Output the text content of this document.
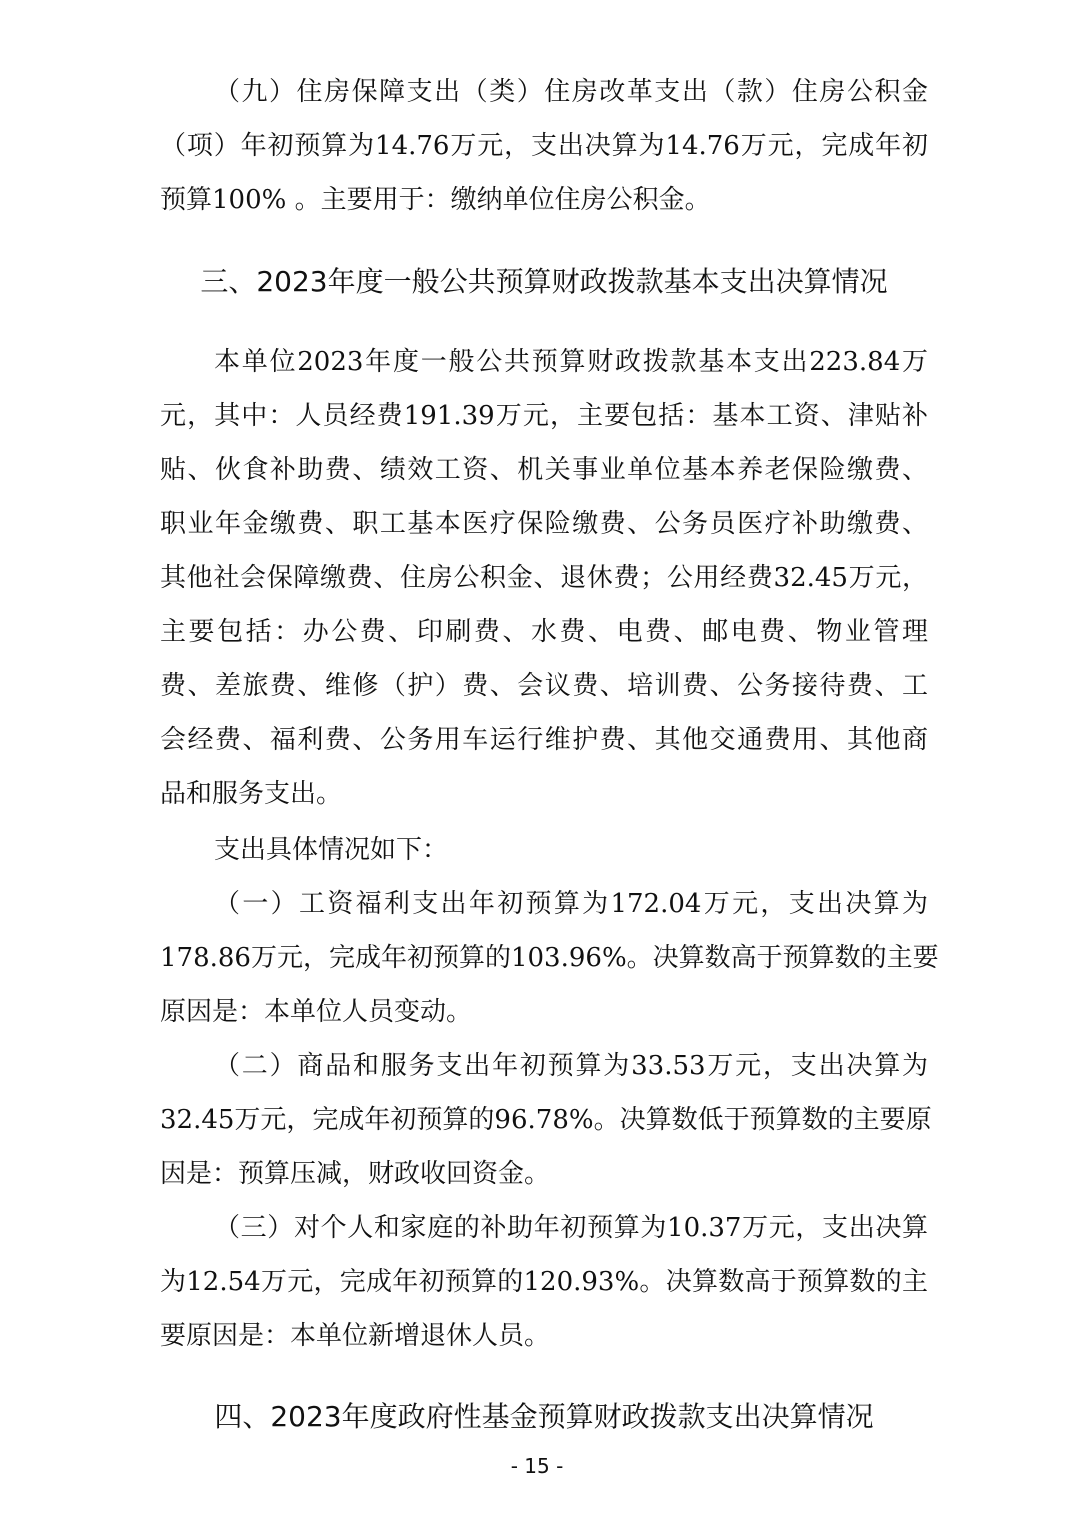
（九）住房保障支出（类）住房改革支出（款）住房公积金
（项）年初预算为14.76万元，支出决算为14.76万元，完成年初
预算100% 。主要用于：缴纳单位住房公积金。
三、2023年度一般公共预算财政拨款基本支出决算情况
本单位2023年度一般公共预算财政拨款基本支出223.84万
元，其中：人员经费191.39万元，主要包括：基本工资、津贴补
贴、伙食补助费、绩效工资、机关事业单位基本养老保险缴费、
职业年金缴费、职工基本医疗保险缴费、公务员医疗补助缴费、
其他社会保障缴费、住房公积金、退休费；公用经费32.45万元，
主要包括：办公费、印刷费、水费、电费、邮电费、物业管理
费、差旅费、维修（护）费、会议费、培训费、公务接待费、工
会经费、福利费、公务用车运行维护费、其他交通费用、其他商
品和服务支出。
支出具体情况如下：
（一）工资福利支出年初预算为172.04万元，支出决算为
178.86万元，完成年初预算的103.96%。决算数高于预算数的主要
原因是：本单位人员变动。
（二）商品和服务支出年初预算为33.53万元，支出决算为
32.45万元，完成年初预算的96.78%。决算数低于预算数的主要原
因是：预算压减，财政收回资金。
（三）对个人和家庭的补助年初预算为10.37万元，支出决算
为12.54万元，完成年初预算的120.93%。决算数高于预算数的主
要原因是：本单位新增退休人员。
四、2023年度政府性基金预算财政拨款支出决算情况
- 15 -
